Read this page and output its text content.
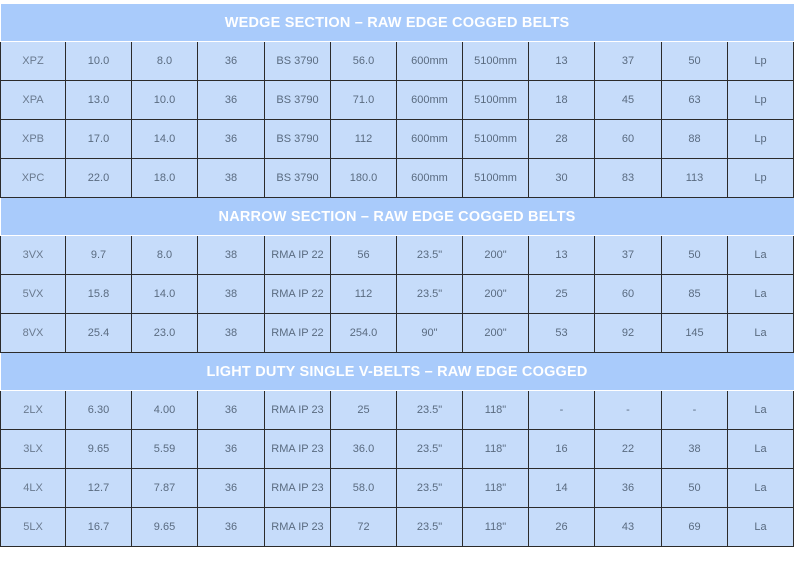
WEDGE SECTION – RAW EDGE COGGED BELTS											
XPZ	10.0	8.0	36	BS 3790	56.0	600mm	5100mm	13	37	50	Lp
XPA	13.0	10.0	36	BS 3790	71.0	600mm	5100mm	18	45	63	Lp
XPB	17.0	14.0	36	BS 3790	112	600mm	5100mm	28	60	88	Lp
XPC	22.0	18.0	38	BS 3790	180.0	600mm	5100mm	30	83	113	Lp
NARROW SECTION – RAW EDGE COGGED BELTS											
3VX	9.7	8.0	38	RMA IP 22	56	23.5"	200"	13	37	50	La
5VX	15.8	14.0	38	RMA IP 22	112	23.5"	200"	25	60	85	La
8VX	25.4	23.0	38	RMA IP 22	254.0	90"	200"	53	92	145	La
LIGHT DUTY SINGLE V-BELTS – RAW EDGE COGGED											
2LX	6.30	4.00	36	RMA IP 23	25	23.5"	118"	-	-	-	La
3LX	9.65	5.59	36	RMA IP 23	36.0	23.5"	118"	16	22	38	La
4LX	12.7	7.87	36	RMA IP 23	58.0	23.5"	118"	14	36	50	La
5LX	16.7	9.65	36	RMA IP 23	72	23.5"	118"	26	43	69	La
